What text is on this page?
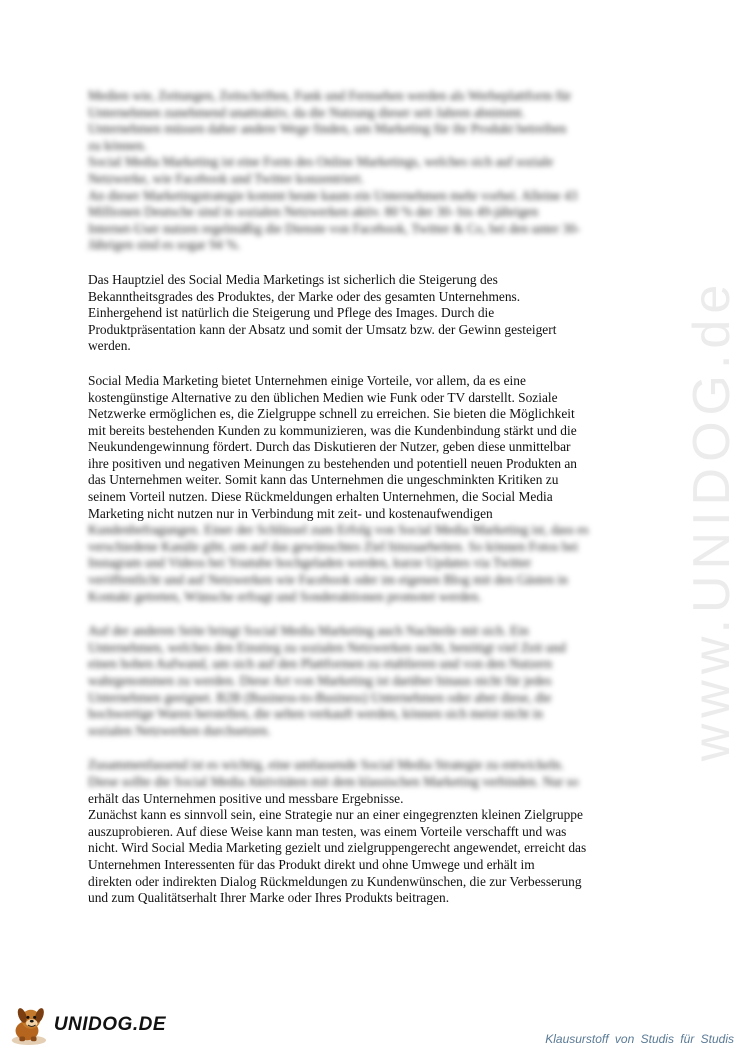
www.UNIDOG.de
Medien wie, Zeitungen, Zeitschriften, Funk und Fernsehen werden als Werbeplattform für
Unternehmen zunehmend unattraktiv, da die Nutzung dieser seit Jahren abnimmt.
Unternehmen müssen daher andere Wege finden, um Marketing für ihr Produkt betreiben
zu können.
Social Media Marketing ist eine Form des Online Marketings, welches sich auf soziale
Netzwerke, wie Facebook und Twitter konzentriert.
An dieser Marketingstrategie kommt heute kaum ein Unternehmen mehr vorbei. Alleine 43
Millionen Deutsche sind in sozialen Netzwerken aktiv. 80 % der 30- bis 49-jährigen
Internet-User nutzen regelmäßig die Dienste von Facebook, Twitter & Co, bei den unter 30-
Jährigen sind es sogar 94 %.
Das Hauptziel des Social Media Marketings ist sicherlich die Steigerung des
Bekanntheitsgrades des Produktes, der Marke oder des gesamten Unternehmens.
Einhergehend ist natürlich die Steigerung und Pflege des Images. Durch die
Produktpräsentation kann der Absatz und somit der Umsatz bzw. der Gewinn gesteigert
werden.
Social Media Marketing bietet Unternehmen einige Vorteile, vor allem, da es eine
kostengünstige Alternative zu den üblichen Medien wie Funk oder TV darstellt. Soziale
Netzwerke ermöglichen es, die Zielgruppe schnell zu erreichen. Sie bieten die Möglichkeit
mit bereits bestehenden Kunden zu kommunizieren, was die Kundenbindung stärkt und die
Neukundengewinnung fördert. Durch das Diskutieren der Nutzer, geben diese unmittelbar
ihre positiven und negativen Meinungen zu bestehenden und potentiell neuen Produkten an
das Unternehmen weiter. Somit kann das Unternehmen die ungeschminkten Kritiken zu
seinem Vorteil nutzen. Diese Rückmeldungen erhalten Unternehmen, die Social Media
Marketing nicht nutzen nur in Verbindung mit zeit- und kostenaufwendigen
Kundenbefragungen. Einer der Schlüssel zum Erfolg von Social Media Marketing ist, dass es
verschiedene Kanäle gibt, um auf das gewünschtes Ziel hinzuarbeiten. So können Fotos bei
Instagram und Videos bei Youtube hochgeladen werden, kurze Updates via Twitter
veröffentlicht und auf Netzwerken wie Facebook oder im eigenen Blog mit den Gästen in
Kontakt getreten, Wünsche erfragt und Sonderaktionen promotet werden.
Auf der anderen Seite bringt Social Media Marketing auch Nachteile mit sich. Ein
Unternehmen, welches den Einstieg zu sozialen Netzwerken sucht, benötigt viel Zeit und
einen hohen Aufwand, um sich auf den Plattformen zu etablieren und von den Nutzern
wahrgenommen zu werden. Diese Art von Marketing ist darüber hinaus nicht für jedes
Unternehmen geeignet. B2B (Business-to-Business) Unternehmen oder aber diese, die
hochwertige Waren herstellen, die selten verkauft werden, können sich meist nicht in
sozialen Netzwerken durchsetzen.
Zusammenfassend ist es wichtig, eine umfassende Social Media Strategie zu entwickeln.
Diese sollte die Social Media Aktivitäten mit dem klassischen Marketing verbinden. Nur so
erhält das Unternehmen positive und messbare Ergebnisse.
Zunächst kann es sinnvoll sein, eine Strategie nur an einer eingegrenzten kleinen Zielgruppe
auszuprobieren. Auf diese Weise kann man testen, was einem Vorteile verschafft und was
nicht. Wird Social Media Marketing gezielt und zielgruppengerecht angewendet, erreicht das
Unternehmen Interessenten für das Produkt direkt und ohne Umwege und erhält im
direkten oder indirekten Dialog Rückmeldungen zu Kundenwünschen, die zur Verbesserung
und zum Qualitätserhalt Ihrer Marke oder Ihres Produkts beitragen.
UNIDOG.DE
Klausurstoff von Studis für Studis
